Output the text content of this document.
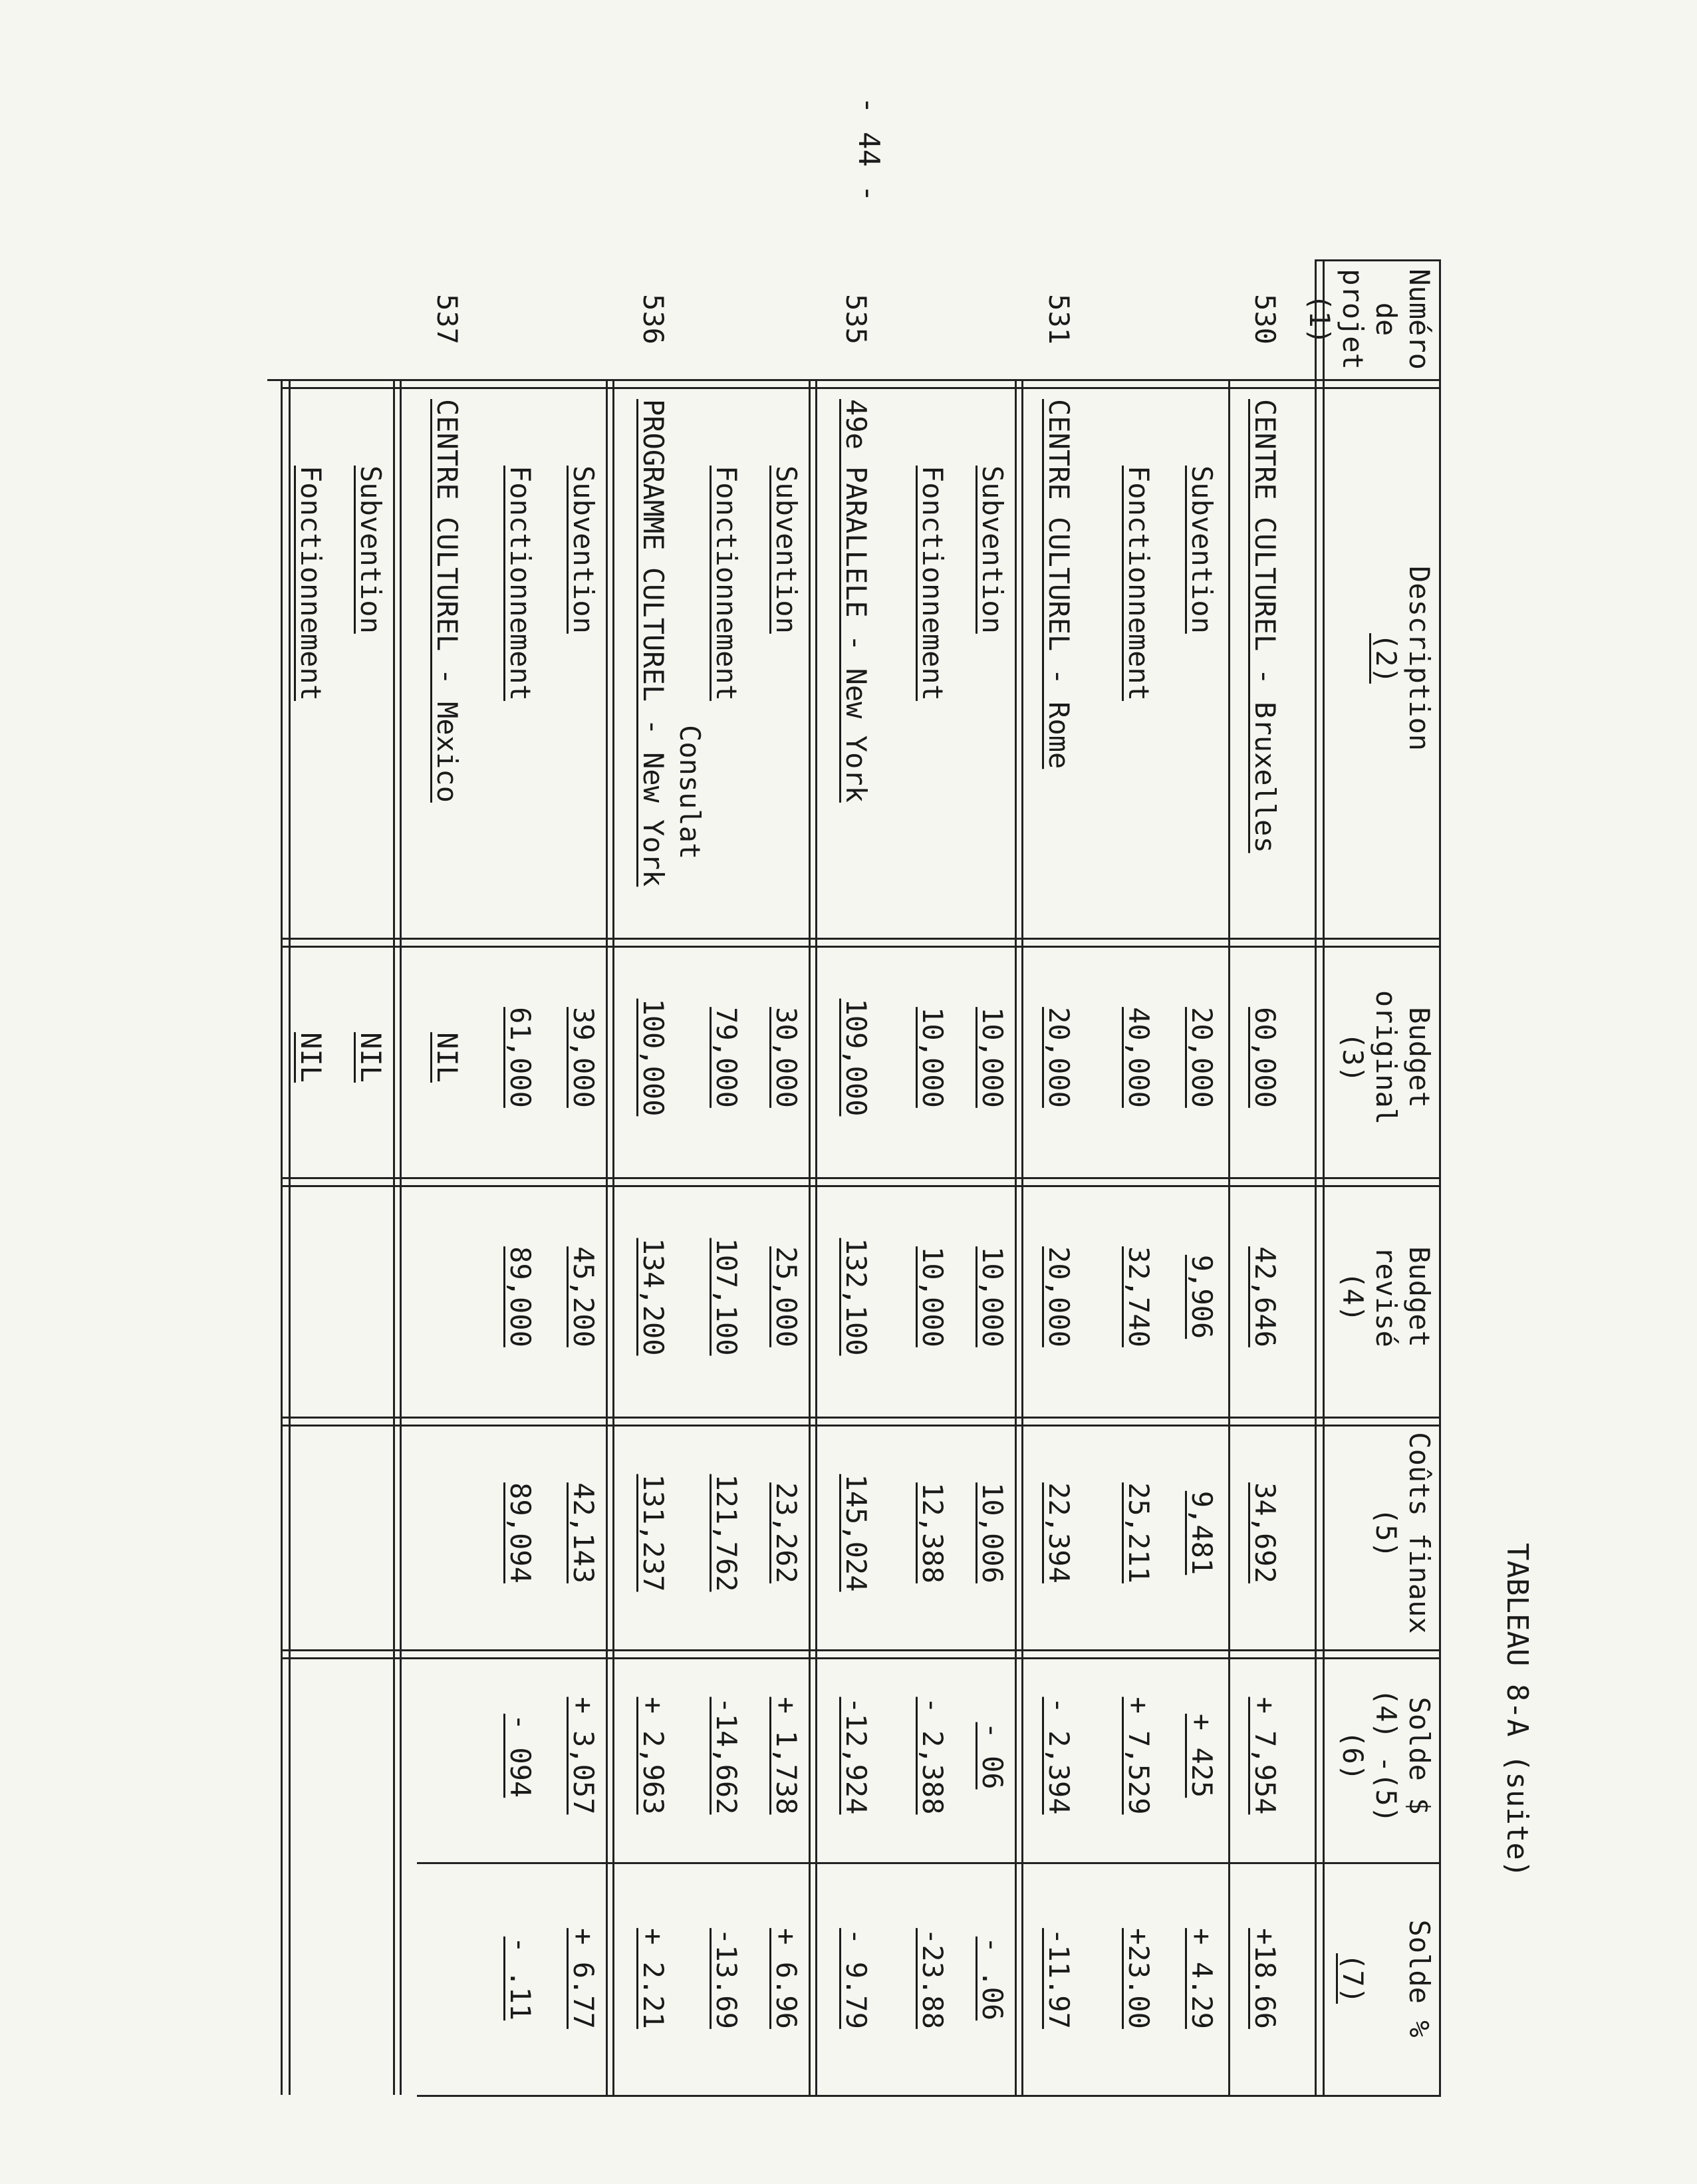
TABLEAU 8-A (suite)
- 44 -
Numéro
de projet
(1)
Description
(2)
Budget
original
(3)
Budget
revisé
(4)
Coûts finaux
(5)
Solde $
(4) -(5)
(6)
Solde %
(7)
530
CENTRE CULTUREL - Bruxelles
60,000
42,646
34,692
+ 7,954
+18.66
Subvention
20,000
9,906
9,481
+ 425
+ 4.29
Fonctionnement
40,000
32,740
25,211
+ 7,529
+23.00
531
CENTRE CULTUREL - Rome
20,000
20,000
22,394
- 2,394
-11.97
Subvention
10,000
10,000
10,006
- 06
- .06
Fonctionnement
10,000
10,000
12,388
- 2,388
-23.88
535
49e PARALLELE - New York
109,000
132,100
145,024
-12,924
- 9.79
Subvention
30,000
25,000
23,262
+ 1,738
+ 6.96
Fonctionnement
79,000
107,100
121,762
-14,662
-13.69
536
PROGRAMME CULTUREL - New York Consulat
100,000
134,200
131,237
+ 2,963
+ 2.21
Subvention
39,000
45,200
42,143
+ 3,057
+ 6.77
Fonctionnement
61,000
89,000
89,094
- 094
- .11
537
CENTRE CULTUREL - Mexico
NIL
Subvention
NIL
Fonctionnement
NIL
